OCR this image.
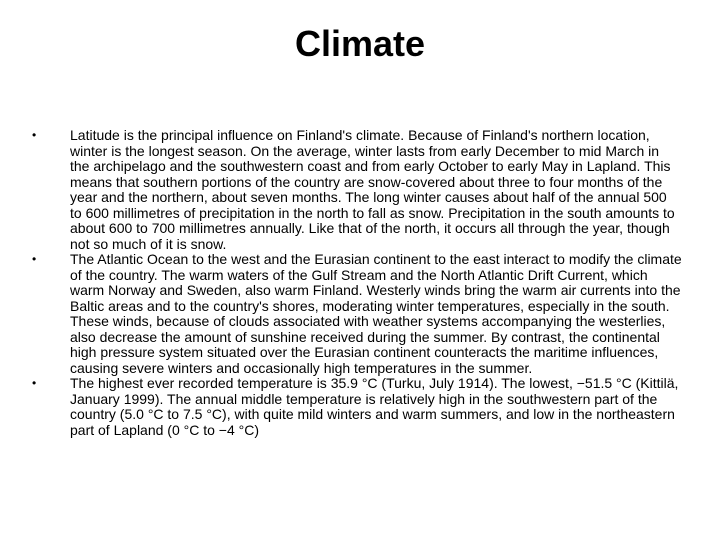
Climate
• Latitude is the principal influence on Finland's climate. Because of Finland's northern location, winter is the longest season. On the average, winter lasts from early December to mid March in the archipelago and the southwestern coast and from early October to early May in Lapland. This means that southern portions of the country are snow-covered about three to four months of the year and the northern, about seven months. The long winter causes about half of the annual 500 to 600 millimetres of precipitation in the north to fall as snow. Precipitation in the south amounts to about 600 to 700 millimetres annually. Like that of the north, it occurs all through the year, though not so much of it is snow.
• The Atlantic Ocean to the west and the Eurasian continent to the east interact to modify the climate of the country. The warm waters of the Gulf Stream and the North Atlantic Drift Current, which warm Norway and Sweden, also warm Finland. Westerly winds bring the warm air currents into the Baltic areas and to the country's shores, moderating winter temperatures, especially in the south. These winds, because of clouds associated with weather systems accompanying the westerlies, also decrease the amount of sunshine received during the summer. By contrast, the continental high pressure system situated over the Eurasian continent counteracts the maritime influences, causing severe winters and occasionally high temperatures in the summer.
• The highest ever recorded temperature is 35.9 °C (Turku, July 1914). The lowest, −51.5 °C (Kittilä, January 1999). The annual middle temperature is relatively high in the southwestern part of the country (5.0 °C to 7.5 °C), with quite mild winters and warm summers, and low in the northeastern part of Lapland (0 °C to −4 °C)
